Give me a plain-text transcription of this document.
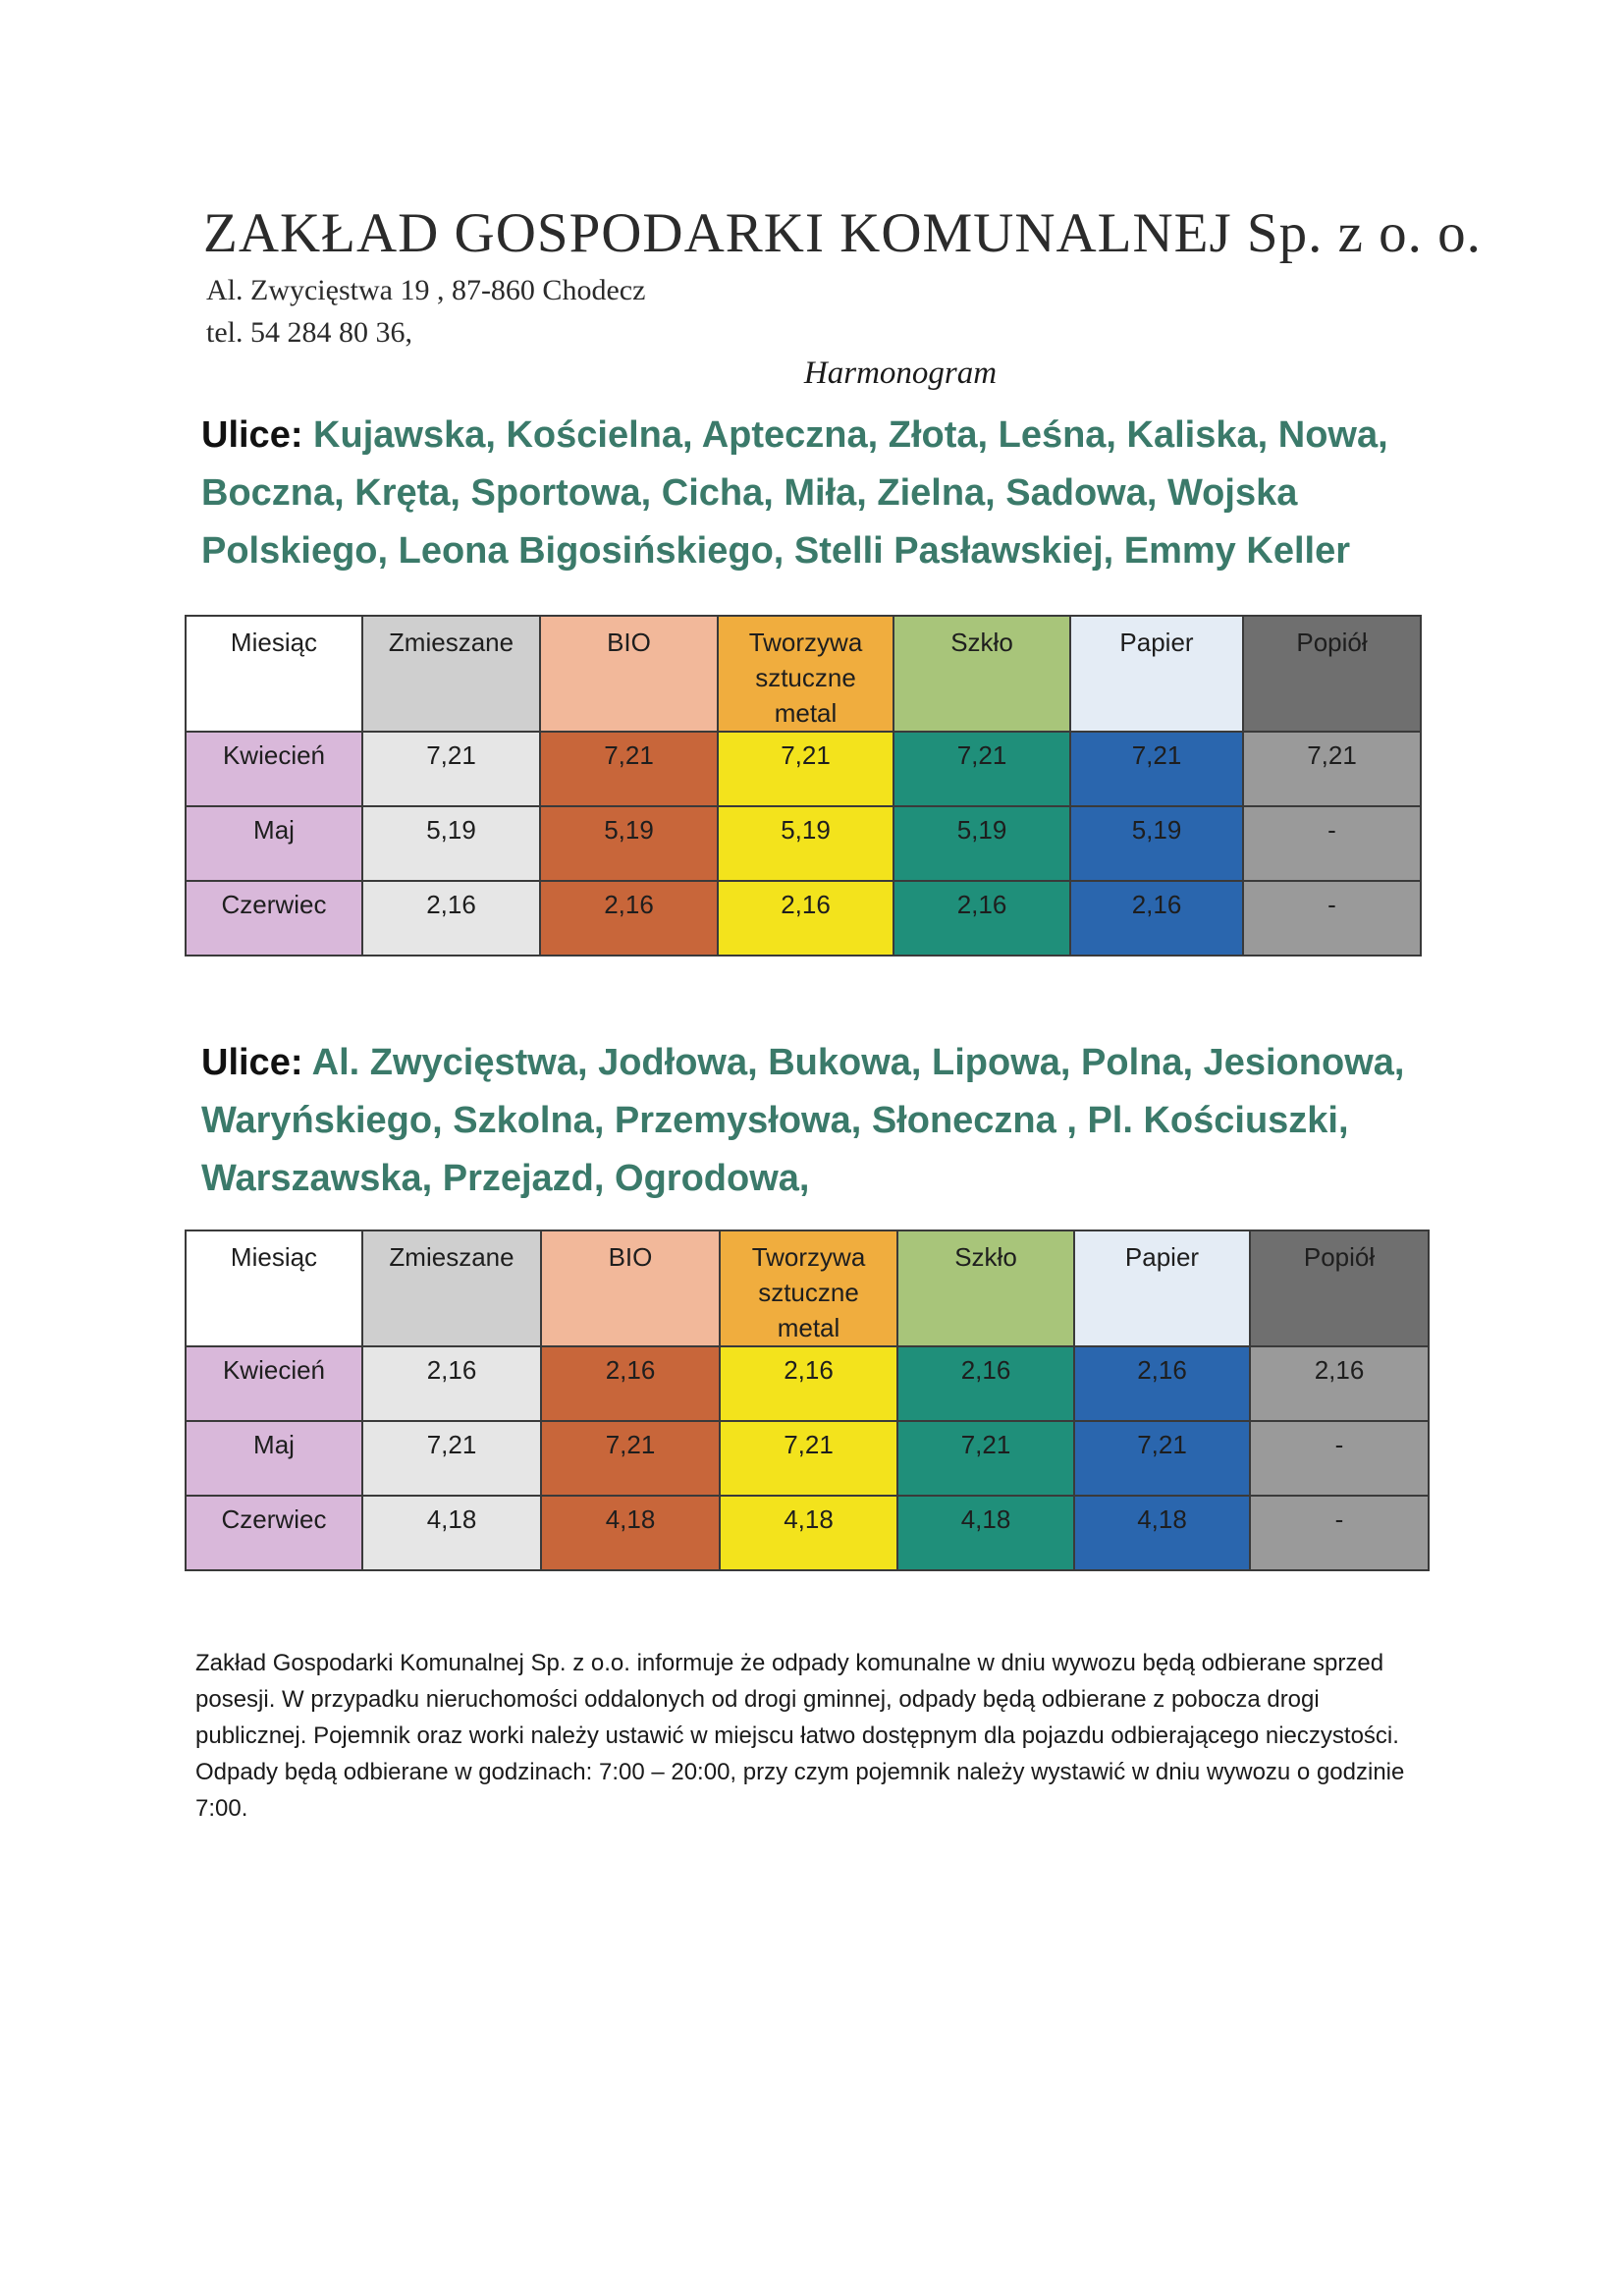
ZAKŁAD GOSPODARKI KOMUNALNEJ Sp. z o. o.
Al. Zwycięstwa 19 , 87-860 Chodecz
tel. 54 284 80 36,
Harmonogram
Ulice: Kujawska, Kościelna, Apteczna, Złota, Leśna, Kaliska, Nowa, Boczna, Kręta, Sportowa, Cicha, Miła, Zielna, Sadowa, Wojska Polskiego, Leona Bigosińskiego, Stelli Pasławskiej, Emmy Keller
Miesiąc	Zmieszane	BIO	Tworzywa sztuczne metal	Szkło	Papier	Popiół
Kwiecień	7,21	7,21	7,21	7,21	7,21	7,21
Maj	5,19	5,19	5,19	5,19	5,19	-
Czerwiec	2,16	2,16	2,16	2,16	2,16	-
Ulice: Al. Zwycięstwa, Jodłowa, Bukowa, Lipowa, Polna, Jesionowa, Waryńskiego, Szkolna, Przemysłowa, Słoneczna , Pl. Kościuszki, Warszawska, Przejazd, Ogrodowa,
Miesiąc	Zmieszane	BIO	Tworzywa sztuczne metal	Szkło	Papier	Popiół
Kwiecień	2,16	2,16	2,16	2,16	2,16	2,16
Maj	7,21	7,21	7,21	7,21	7,21	-
Czerwiec	4,18	4,18	4,18	4,18	4,18	-
Zakład Gospodarki Komunalnej Sp. z o.o. informuje że odpady komunalne w dniu wywozu będą odbierane sprzed posesji. W przypadku nieruchomości oddalonych od drogi gminnej, odpady będą odbierane z pobocza drogi publicznej. Pojemnik oraz worki należy ustawić w miejscu łatwo dostępnym dla pojazdu odbierającego nieczystości. Odpady będą odbierane w godzinach: 7:00 – 20:00, przy czym pojemnik należy wystawić w dniu wywozu o godzinie 7:00.
